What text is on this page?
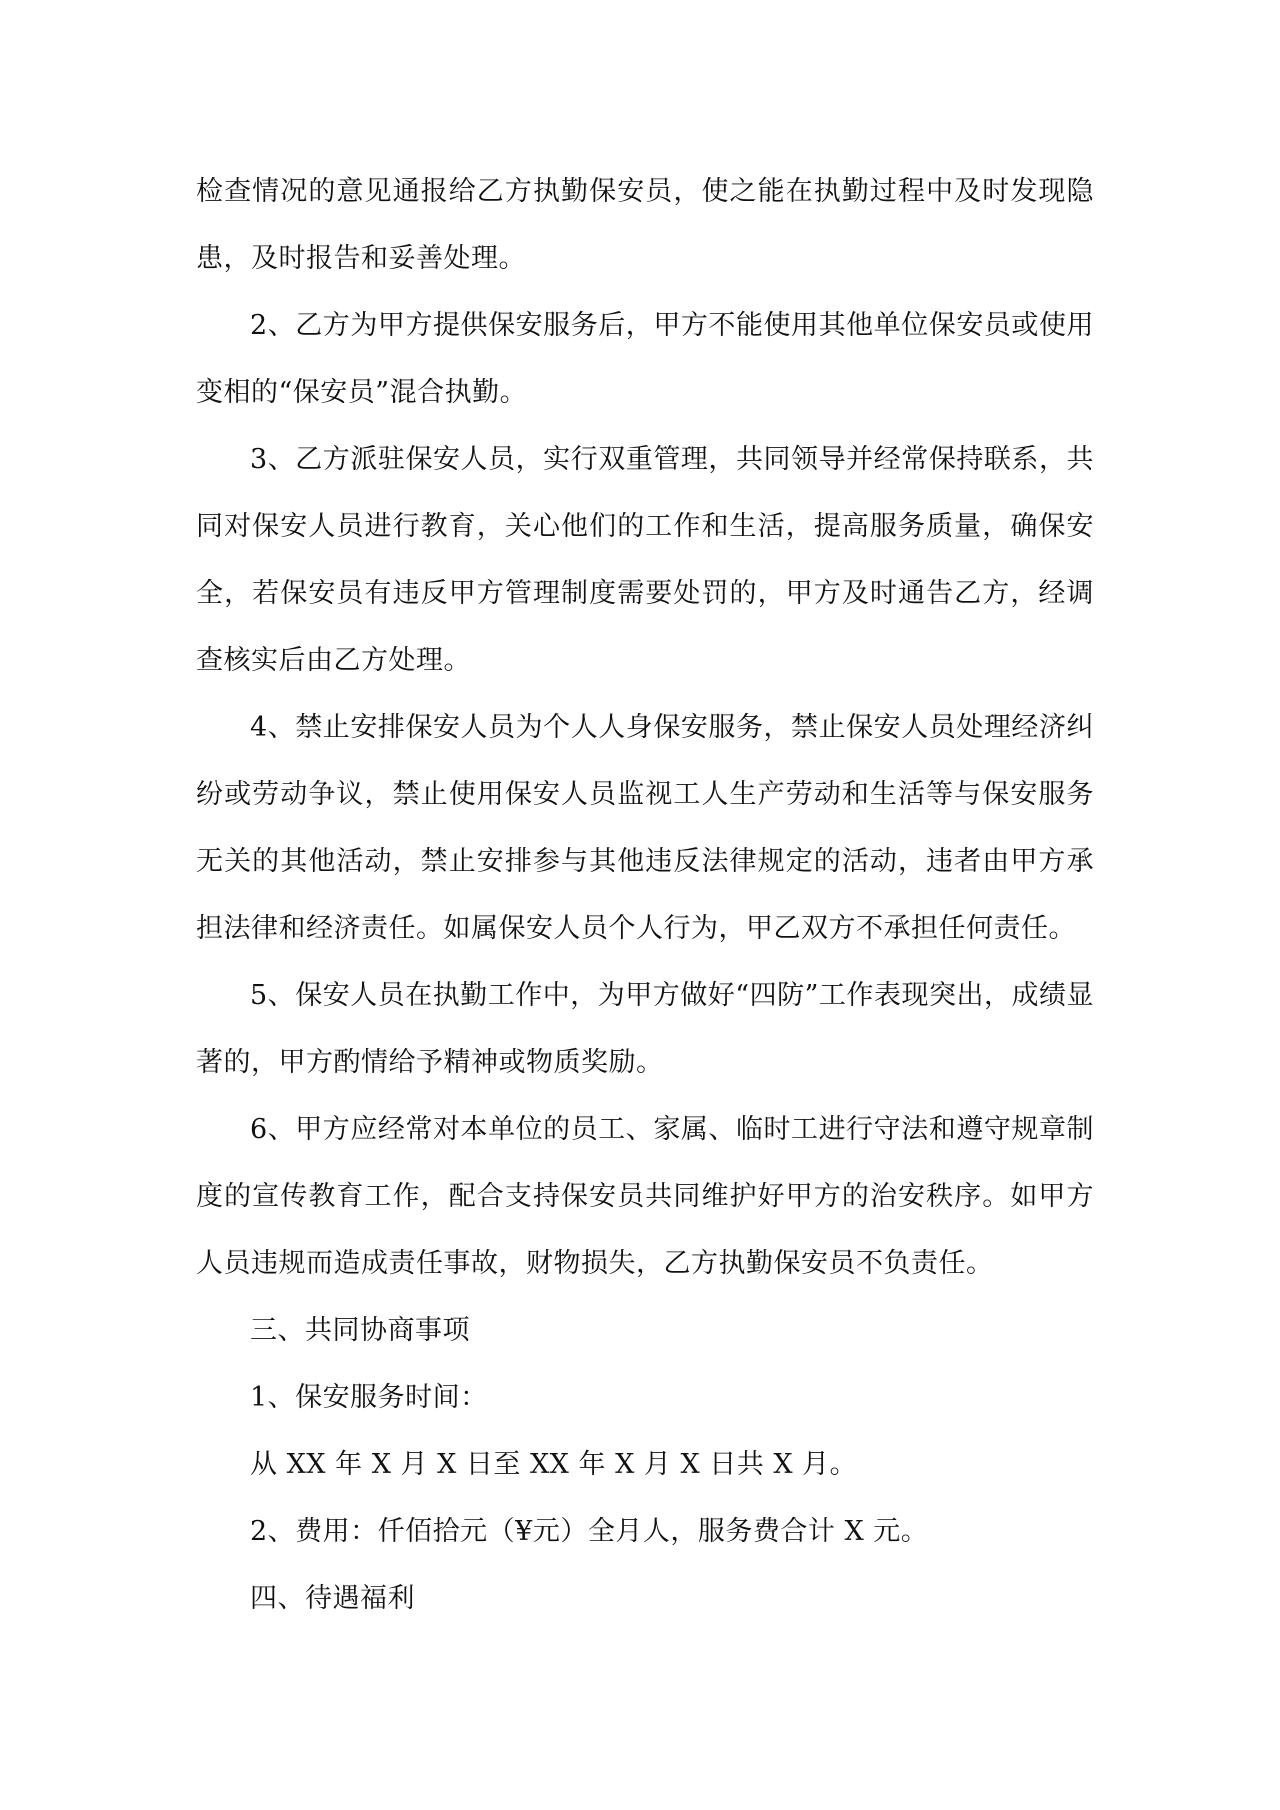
检查情况的意见通报给乙方执勤保安员，使之能在执勤过程中及时发现隐患，及时报告和妥善处理。

2、乙方为甲方提供保安服务后，甲方不能使用其他单位保安员或使用变相的“保安员”混合执勤。

3、乙方派驻保安人员，实行双重管理，共同领导并经常保持联系，共同对保安人员进行教育，关心他们的工作和生活，提高服务质量，确保安全，若保安员有违反甲方管理制度需要处罚的，甲方及时通告乙方，经调查核实后由乙方处理。

4、禁止安排保安人员为个人人身保安服务，禁止保安人员处理经济纠纷或劳动争议，禁止使用保安人员监视工人生产劳动和生活等与保安服务无关的其他活动，禁止安排参与其他违反法律规定的活动，违者由甲方承担法律和经济责任。如属保安人员个人行为，甲乙双方不承担任何责任。

5、保安人员在执勤工作中，为甲方做好“四防”工作表现突出，成绩显著的，甲方酌情给予精神或物质奖励。

6、甲方应经常对本单位的员工、家属、临时工进行守法和遵守规章制度的宣传教育工作，配合支持保安员共同维护好甲方的治安秩序。如甲方人员违规而造成责任事故，财物损失，乙方执勤保安员不负责任。

三、共同协商事项

1、保安服务时间：

从 XX 年 X 月 X 日至 XX 年 X 月 X 日共 X 月。

2、费用：仟佰拾元（¥元）全月人，服务费合计 X 元。

四、待遇福利
